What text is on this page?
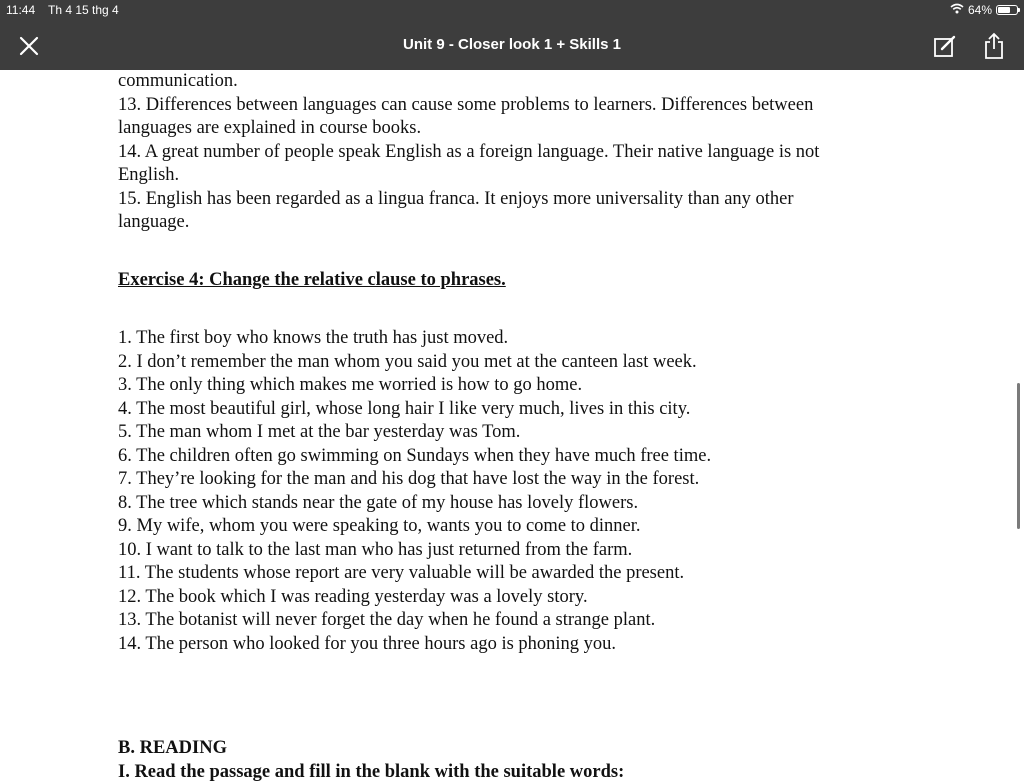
11:44 Th 4 15 thg 4	64%
Unit 9 - Closer look 1 + Skills 1

communication.

13. Differences between languages can cause some problems to learners. Differences between

languages are explained in course books.

14. A great number of people speak English as a foreign language. Their native language is not

English.

15. English has been regarded as a lingua franca. It enjoys more universality than any other

language.

Exercise 4: Change the relative clause to phrases.

1. The first boy who knows the truth has just moved.

2. I don’t remember the man whom you said you met at the canteen last week.

3. The only thing which makes me worried is how to go home.

4. The most beautiful girl, whose long hair I like very much, lives in this city.

5. The man whom I met at the bar yesterday was Tom.

6. The children often go swimming on Sundays when they have much free time.

7. They’re looking for the man and his dog that have lost the way in the forest.

8. The tree which stands near the gate of my house has lovely flowers.

9. My wife, whom you were speaking to, wants you to come to dinner.

10. I want to talk to the last man who has just returned from the farm.

11. The students whose report are very valuable will be awarded the present.

12. The book which I was reading yesterday was a lovely story.

13. The botanist will never forget the day when he found a strange plant.

14. The person who looked for you three hours ago is phoning you.

B. READING

I. Read the passage and fill in the blank with the suitable words:
